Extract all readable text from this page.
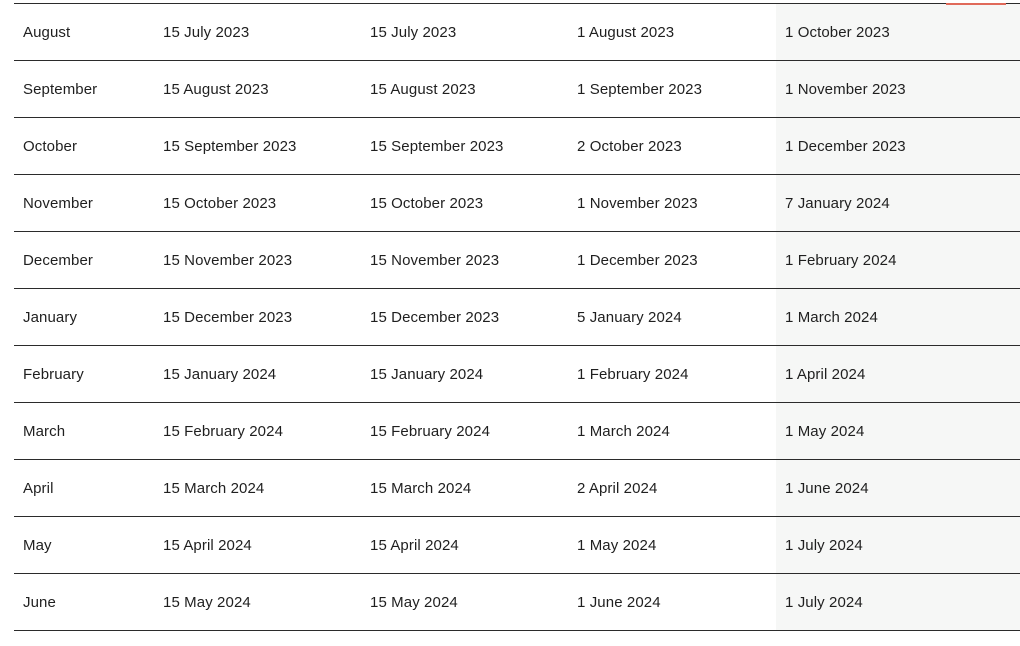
August	15 July 2023	15 July 2023	1 August 2023	1 October 2023
September	15 August 2023	15 August 2023	1 September 2023	1 November 2023
October	15 September 2023	15 September 2023	2 October 2023	1 December 2023
November	15 October 2023	15 October 2023	1 November 2023	7 January 2024
December	15 November 2023	15 November 2023	1 December 2023	1 February 2024
January	15 December 2023	15 December 2023	5 January 2024	1 March 2024
February	15 January 2024	15 January 2024	1 February 2024	1 April 2024
March	15 February 2024	15 February 2024	1 March 2024	1 May 2024
April	15 March 2024	15 March 2024	2 April 2024	1 June 2024
May	15 April 2024	15 April 2024	1 May 2024	1 July 2024
June	15 May 2024	15 May 2024	1 June 2024	1 July 2024
